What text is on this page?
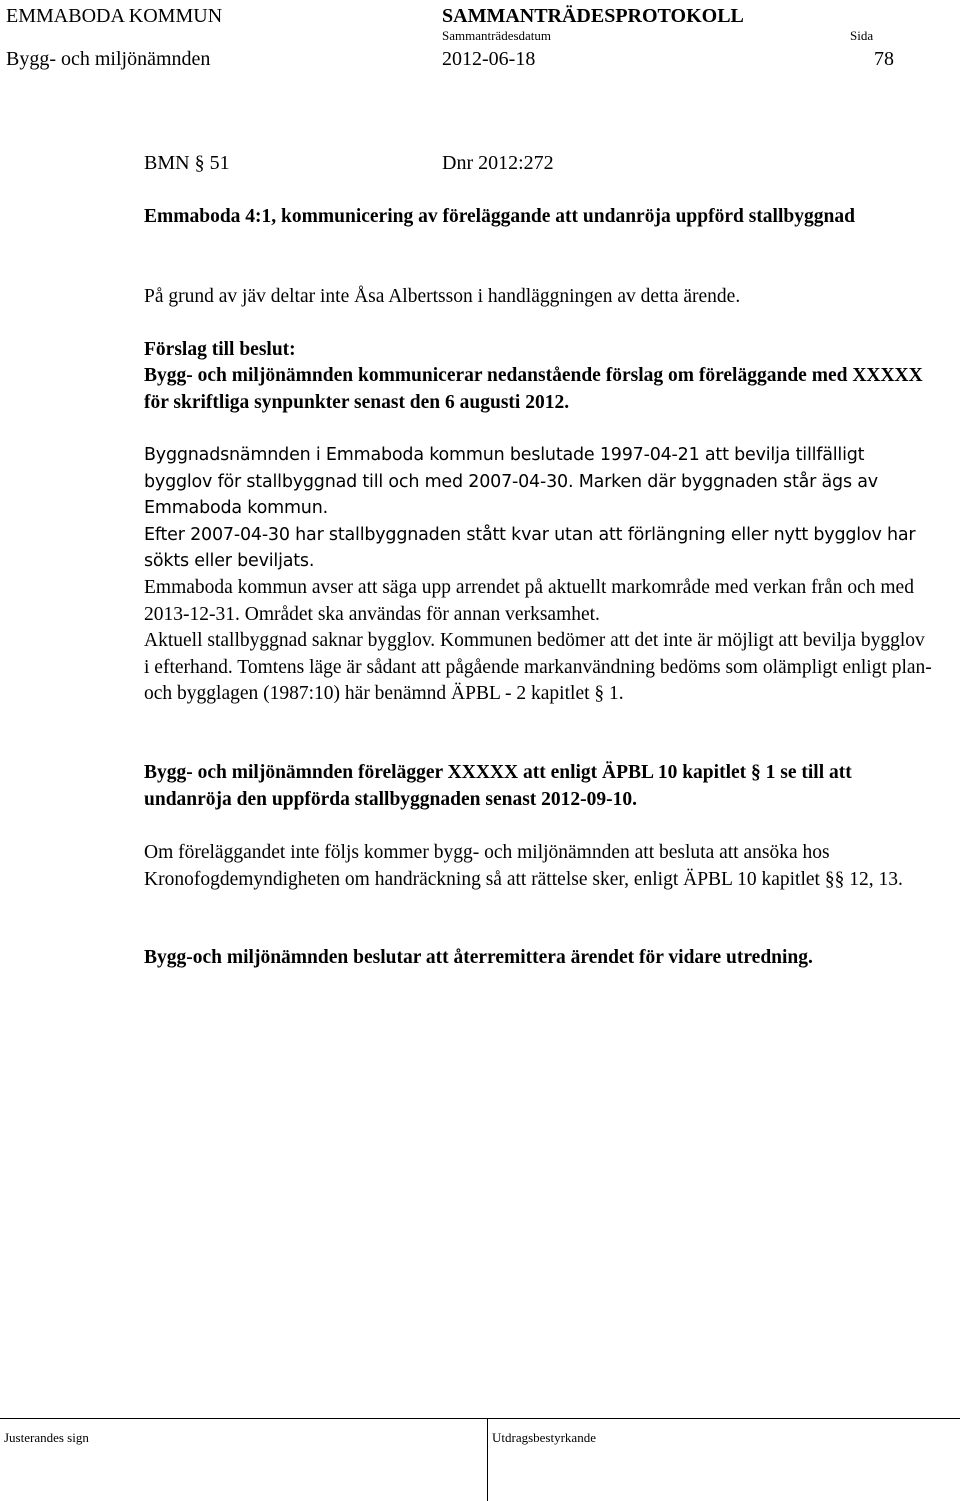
EMMABODA KOMMUN	SAMMANTRÄDESPROTOKOLL
Sammanträdesdatum	Sida
Bygg- och miljönämnden	2012-06-18	78
BMN § 51	Dnr 2012:272
Emmaboda 4:1, kommunicering av föreläggande att undanröja uppförd stallbyggnad
På grund av jäv deltar inte Åsa Albertsson i handläggningen av detta ärende.
Förslag till beslut:
Bygg- och miljönämnden kommunicerar nedanstående förslag om föreläggande med XXXXX för skriftliga synpunkter senast den 6 augusti 2012.

Byggnadsnämnden i Emmaboda kommun beslutade 1997-04-21 att bevilja tillfälligt bygglov för stallbyggnad till och med 2007-04-30. Marken där byggnaden står ägs av Emmaboda kommun.

Efter 2007-04-30 har stallbyggnaden stått kvar utan att förlängning eller nytt bygglov har sökts eller beviljats.

Emmaboda kommun avser att säga upp arrendet på aktuellt markområde med verkan från och med 2013-12-31. Området ska användas för annan verksamhet.

Aktuell stallbyggnad saknar bygglov. Kommunen bedömer att det inte är möjligt att bevilja bygglov i efterhand. Tomtens läge är sådant att pågående markanvändning bedöms som olämpligt enligt plan- och bygglagen (1987:10) här benämnd ÄPBL - 2 kapitlet § 1.

Bygg- och miljönämnden förelägger XXXXX att enligt ÄPBL 10 kapitlet § 1 se till att undanröja den uppförda stallbyggnaden senast 2012-09-10.
Om föreläggandet inte följs kommer bygg- och miljönämnden att besluta att ansöka hos Kronofogdemyndigheten om handräckning så att rättelse sker, enligt ÄPBL 10 kapitlet §§ 12, 13.
Bygg-och miljönämnden beslutar att återremittera ärendet för vidare utredning.
Justerandes sign	Utdragsbestyrkande
